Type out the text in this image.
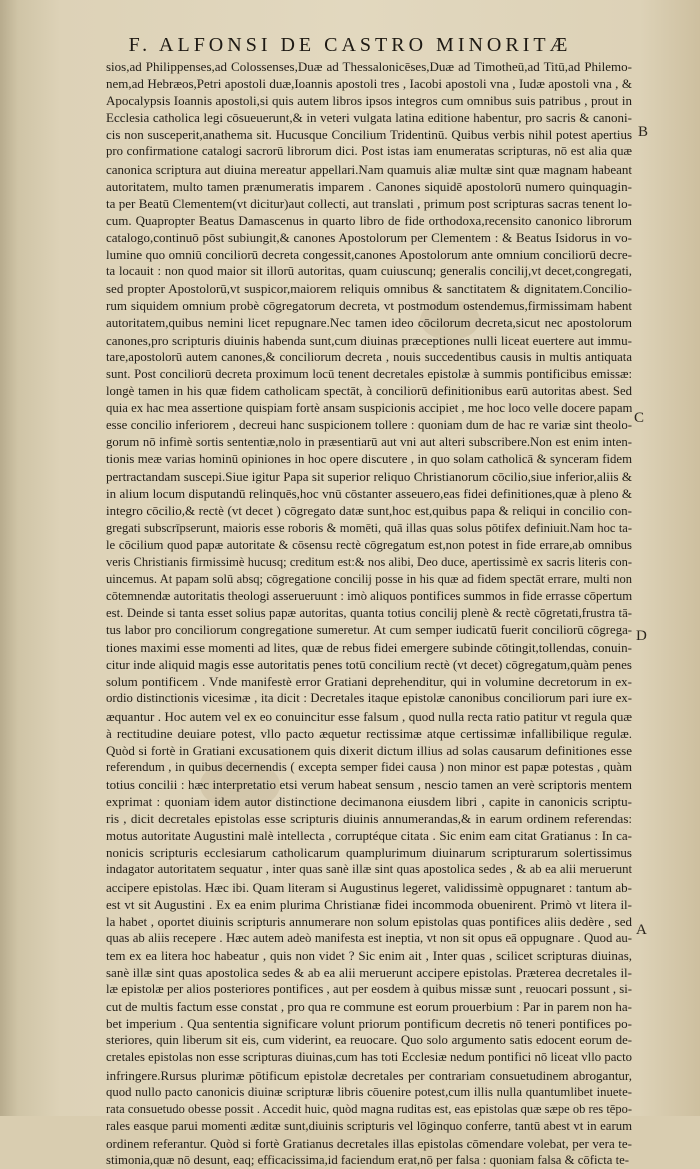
F. ALFONSI DE CASTRO MINORITÆ
sios,ad Philippenses,ad Colossenses,Duæ ad Thessalonicēses,Duæ ad Timotheū,ad Titū,ad Philemo-
nem,ad Hebræos,Petri apostoli duæ,Ioannis apostoli tres , Iacobi apostoli vna , Iudæ apostoli vna , &
Apocalypsis Ioannis apostoli,si quis autem libros ipsos integros cum omnibus suis patribus , prout in
Ecclesia catholica legi cōsueuerunt,& in veteri vulgata latina editione habentur, pro sacris & canoni-
cis non susceperit,anathema sit. Hucusque Concilium Tridentinū. Quibus verbis nihil potest apertius
pro confirmatione catalogi sacrorū librorum dici. Post istas iam enumeratas scripturas, nō est alia quæ
canonica scriptura aut diuina mereatur appellari.Nam quamuis aliæ multæ sint quæ magnam habeant
autoritatem, multo tamen prænumeratis imparem . Canones siquidē apostolorū numero quinquagin-
ta per Beatū Clementem(vt dicitur)aut collecti, aut translati , primum post scripturas sacras tenent lo-
cum. Quapropter Beatus Damascenus in quarto libro de fide orthodoxa,recensito canonico librorum
catalogo,continuō pōst subiungit,& canones Apostolorum per Clementem : & Beatus Isidorus in vo-
lumine quo omniū conciliorū decreta congessit,canones Apostolorum ante omnium conciliorū decre-
ta locauit : non quod maior sit illorū autoritas, quam cuiuscunq; generalis concilij,vt decet,congregati,
sed propter Apostolorū,vt suspicor,maiorem reliquis omnibus & sanctitatem & dignitatem.Concilio-
rum siquidem omnium probè cōgregatorum decreta, vt postmodum ostendemus,firmissimam habent
autoritatem,quibus nemini licet repugnare.Nec tamen ideo cōcilorum decreta,sicut nec apostolorum
canones,pro scripturis diuinis habenda sunt,cum diuinas præceptiones nulli liceat euertere aut immu-
tare,apostolorū autem canones,& conciliorum decreta , nouis succedentibus causis in multis antiquata
sunt. Post conciliorū decreta proximum locū tenent decretales epistolæ à summis pontificibus emissæ:
longè tamen in his quæ fidem catholicam spectāt, à conciliorū definitionibus earū autoritas abest. Sed
quia ex hac mea assertione quispiam fortè ansam suspicionis accipiet , me hoc loco velle docere papam
esse concilio inferiorem , decreui hanc suspicionem tollere : quoniam dum de hac re variæ sint theolo-
gorum nō infimè sortis sententiæ,nolo in præsentiarū aut vni aut alteri subscribere.Non est enim inten-
tionis meæ varias hominū opiniones in hoc opere discutere , in quo solam catholicā & synceram fidem
pertractandam suscepi.Siue igitur Papa sit superior reliquo Christianorum cōcilio,siue inferior,aliis &
in alium locum disputandū relinquēs,hoc vnū cōstanter asseuero,eas fidei definitiones,quæ à pleno &
integro cōcilio,& rectè (vt decet ) cōgregato datæ sunt,hoc est,quibus papa & reliqui in concilio con-
gregati subscrīpserunt, maioris esse roboris & momēti, quā illas quas solus pōtifex definiuit.Nam hoc ta-
le cōcilium quod papæ autoritate & cōsensu rectè cōgregatum est,non potest in fide errare,ab omnibus
veris Christianis firmissimè hucusq; creditum est:& nos alibi, Deo duce, apertissimè ex sacris literis con-
uincemus. At papam solū absq; cōgregatione concilij posse in his quæ ad fidem spectāt errare, multi non
cōtemnendæ autoritatis theologi asserueruunt : imò aliquos pontifices summos in fide errasse cōpertum
est. Deinde si tanta esset solius papæ autoritas, quanta totius concilij plenè & rectè cōgretati,frustra tā-
tus labor pro conciliorum congregatione sumeretur. At cum semper iudicatū fuerit conciliorū cōgrega-
tiones maximi esse momenti ad lites, quæ de rebus fidei emergere subinde cōtingit,tollendas, conuin-
citur inde aliquid magis esse autoritatis penes totū concilium rectè (vt decet) cōgregatum,quàm penes
solum pontificem . Vnde manifestè error Gratiani deprehenditur, qui in volumine decretorum in ex-
ordio distinctionis vicesimæ , ita dicit : Decretales itaque epistolæ canonibus conciliorum pari iure ex-
æquantur . Hoc autem vel ex eo conuincitur esse falsum , quod nulla recta ratio patitur vt regula quæ
à rectitudine deuiare potest, vllo pacto æquetur rectissimæ atque certissimæ infallibilique regulæ.
Quòd si fortè in Gratiani excusationem quis dixerit dictum illius ad solas causarum definitiones esse
referendum , in quibus decernendis ( excepta semper fidei causa ) non minor est papæ potestas , quàm
totius concilii : hæc interpretatio etsi verum habeat sensum , nescio tamen an verè scriptoris mentem
exprimat : quoniam idem autor distinctione decimanona eiusdem libri , capite in canonicis scriptu-
ris , dicit decretales epistolas esse scripturis diuinis annumerandas,& in earum ordinem referendas:
motus autoritate Augustini malè intellecta , corruptéque citata . Sic enim eam citat Gratianus : In ca-
nonicis scripturis ecclesiarum catholicarum quamplurimum diuinarum scripturarum solertissimus
indagator autoritatem sequatur , inter quas sanè illæ sint quas apostolica sedes , & ab ea alii meruerunt
accipere epistolas. Hæc ibi. Quam literam si Augustinus legeret, validissimè oppugnaret : tantum ab-
est vt sit Augustini . Ex ea enim plurima Christianæ fidei incommoda obuenirent. Primò vt litera il-
la habet , oportet diuinis scripturis annumerare non solum epistolas quas pontifices aliis dedère , sed
quas ab aliis recepere . Hæc autem adeò manifesta est ineptia, vt non sit opus eā oppugnare . Quod au-
tem ex ea litera hoc habeatur , quis non videt ? Sic enim ait , Inter quas , scilicet scripturas diuinas,
sanè illæ sint quas apostolica sedes & ab ea alii meruerunt accipere epistolas. Præterea decretales il-
læ epistolæ per alios posteriores pontifices , aut per eosdem à quibus missæ sunt , reuocari possunt , si-
cut de multis factum esse constat , pro qua re commune est eorum prouerbium : Par in parem non ha-
bet imperium . Qua sententia significare volunt priorum pontificum decretis nō teneri pontifices po-
steriores, quin liberum sit eis, cum viderint, ea reuocare. Quo solo argumento satis edocent eorum de-
cretales epistolas non esse scripturas diuinas,cum has toti Ecclesiæ nedum pontifici nō liceat vllo pacto
infringere.Rursus plurimæ pōtificum epistolæ decretales per contrariam consuetudinem abrogantur,
quod nullo pacto canonicis diuinæ scripturæ libris cōuenire potest,cum illis nulla quantumlibet inuete-
rata consuetudo obesse possit . Accedit huic, quòd magna ruditas est, eas epistolas quæ sæpe ob res tēpo-
rales easque parui momenti æditæ sunt,diuinis scripturis vel lōginquo conferre, tantū abest vt in earum
ordinem referantur. Quòd si fortè Gratianus decretales illas epistolas cōmendare volebat, per vera te-
stimonia,quæ nō desunt, eaq; efficacissima,id faciendum erat,nō per falsa : quoniam falsa & cōficta te-
B
C
D
A
